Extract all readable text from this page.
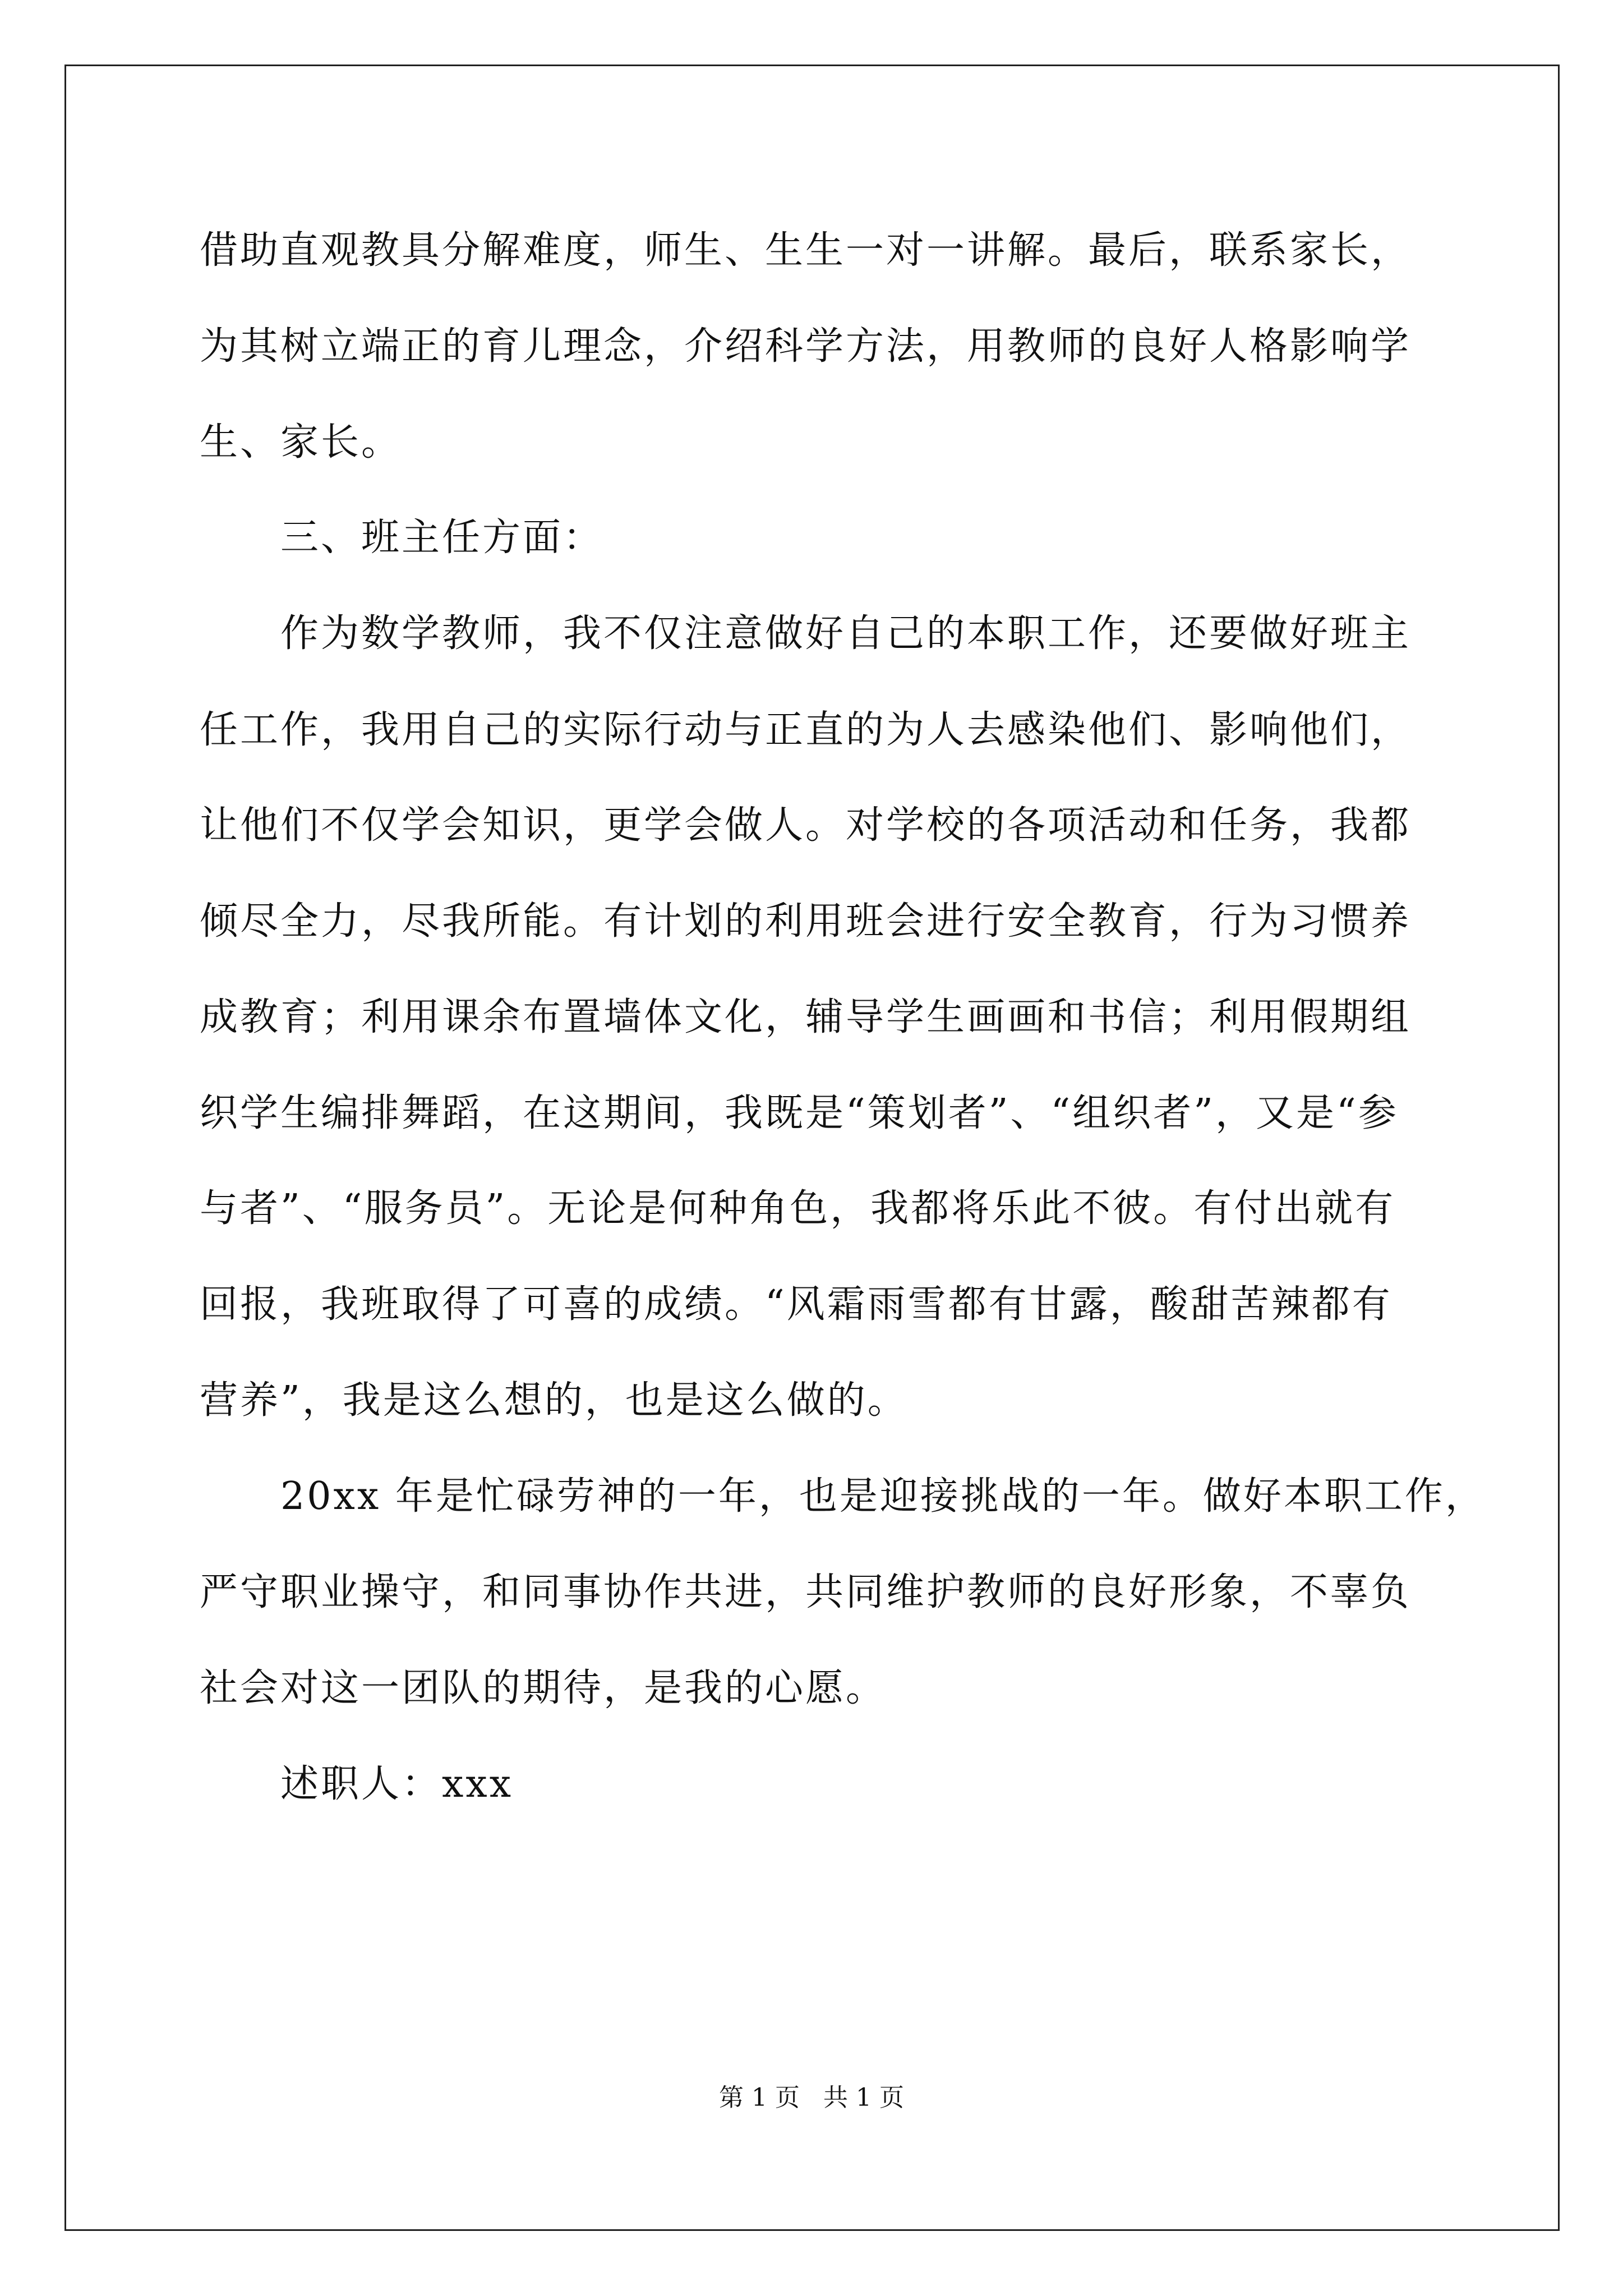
借助直观教具分解难度，师生、生生一对一讲解。最后，联系家长，
为其树立端正的育儿理念，介绍科学方法，用教师的良好人格影响学
生、家长。
三、班主任方面：
作为数学教师，我不仅注意做好自己的本职工作，还要做好班主
任工作，我用自己的实际行动与正直的为人去感染他们、影响他们，
让他们不仅学会知识，更学会做人。对学校的各项活动和任务，我都
倾尽全力，尽我所能。有计划的利用班会进行安全教育，行为习惯养
成教育；利用课余布置墙体文化，辅导学生画画和书信；利用假期组
织学生编排舞蹈，在这期间，我既是“策划者”、“组织者”，又是“参
与者”、“服务员”。无论是何种角色，我都将乐此不彼。有付出就有
回报，我班取得了可喜的成绩。“风霜雨雪都有甘露，酸甜苦辣都有
营养”，我是这么想的，也是这么做的。
20xx 年是忙碌劳神的一年，也是迎接挑战的一年。做好本职工作，
严守职业操守，和同事协作共进，共同维护教师的良好形象，不辜负
社会对这一团队的期待，是我的心愿。
述职人：xxx
第 1 页   共 1 页
